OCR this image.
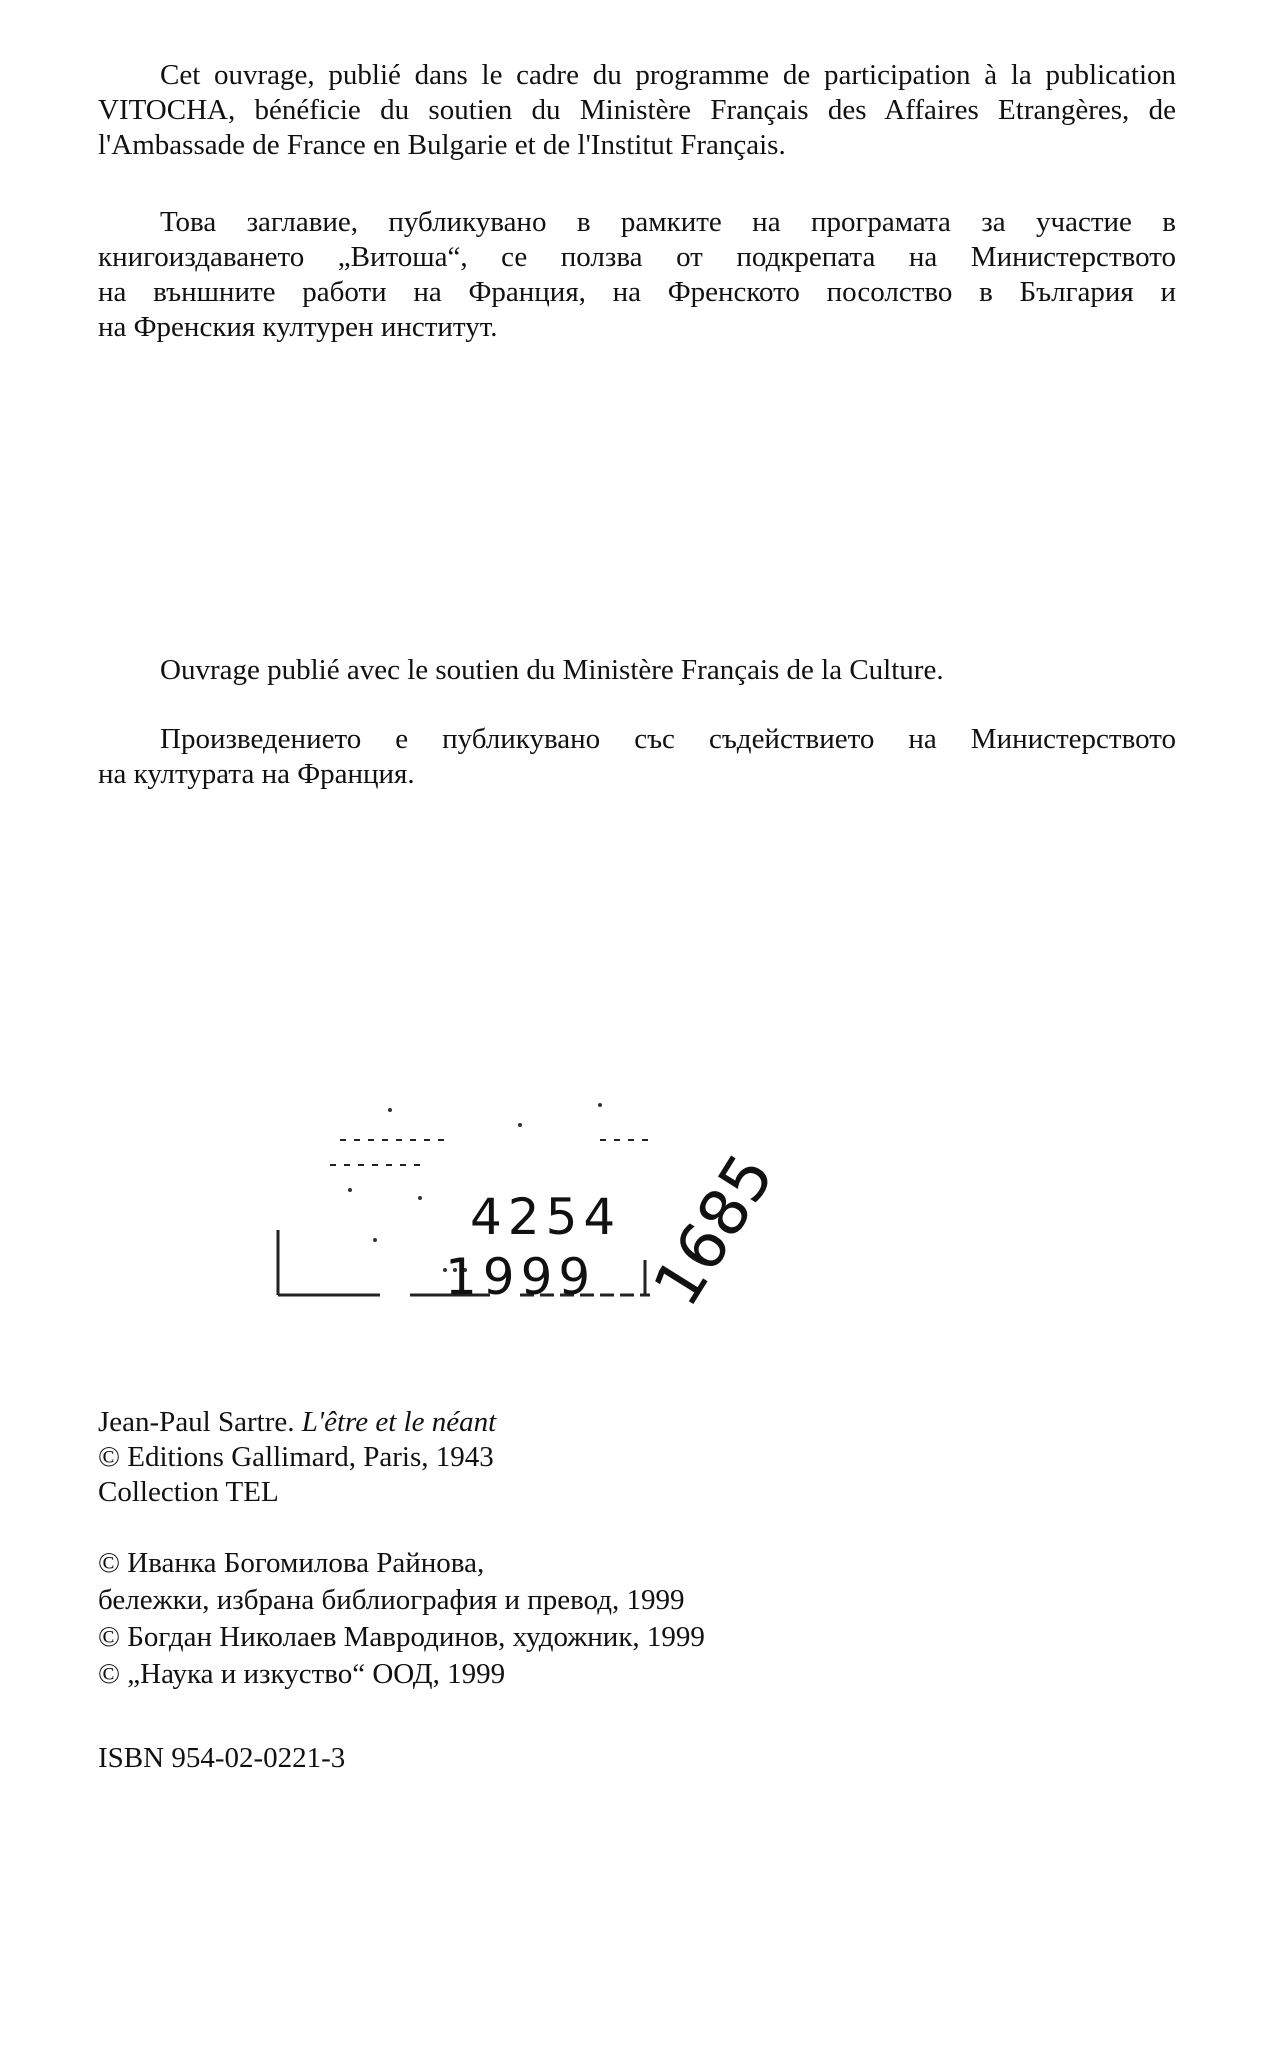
Cet ouvrage, publié dans le cadre du programme de participation à la publication
VITOCHA, bénéficie du soutien du Ministère Français des Affaires Etrangères, de
l'Ambassade de France en Bulgarie et de l'Institut Français.
Това заглавие, публикувано в рамките на програмата за участие в
книгоиздаването „Витоша“, се ползва от подкрепата на Министерството
на външните работи на Франция, на Френското посолство в България и
на Френския културен институт.
Ouvrage publié avec le soutien du Ministère Français de la Culture.
Произведението е публикувано със съдействието на Министерството
на културата на Франция.
4254
1999 1685
Jean-Paul Sartre. L'être et le néant
© Editions Gallimard, Paris, 1943
Collection TEL
© Иванка Богомилова Райнова,
бележки, избрана библиография и превод, 1999
© Богдан Николаев Мавродинов, художник, 1999
© „Наука и изкуство“ ООД, 1999
ISBN 954-02-0221-3
